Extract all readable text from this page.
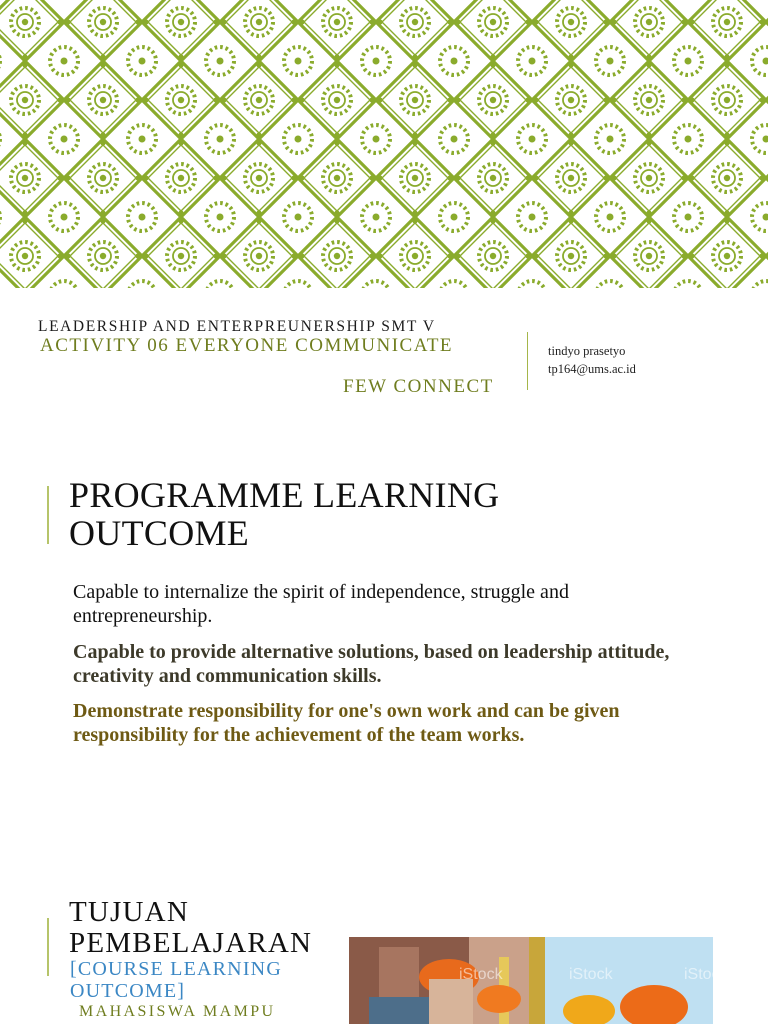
LEADERSHIP AND ENTERPREUNERSHIP SMT V
ACTIVITY 06 EVERYONE COMMUNICATE
FEW CONNECT
tindyo prasetyo
tp164@ums.ac.id
PROGRAMME LEARNING OUTCOME
Capable to internalize the spirit of independence, struggle and entrepreneurship.
Capable to provide alternative solutions, based on leadership attitude, creativity and communication skills.
Demonstrate responsibility for one's own work and can be given responsibility for the achievement of the team works.
TUJUAN PEMBELAJARAN
[COURSE LEARNING OUTCOME]
MAHASISWA MAMPU
iStock	iStock	iStock
